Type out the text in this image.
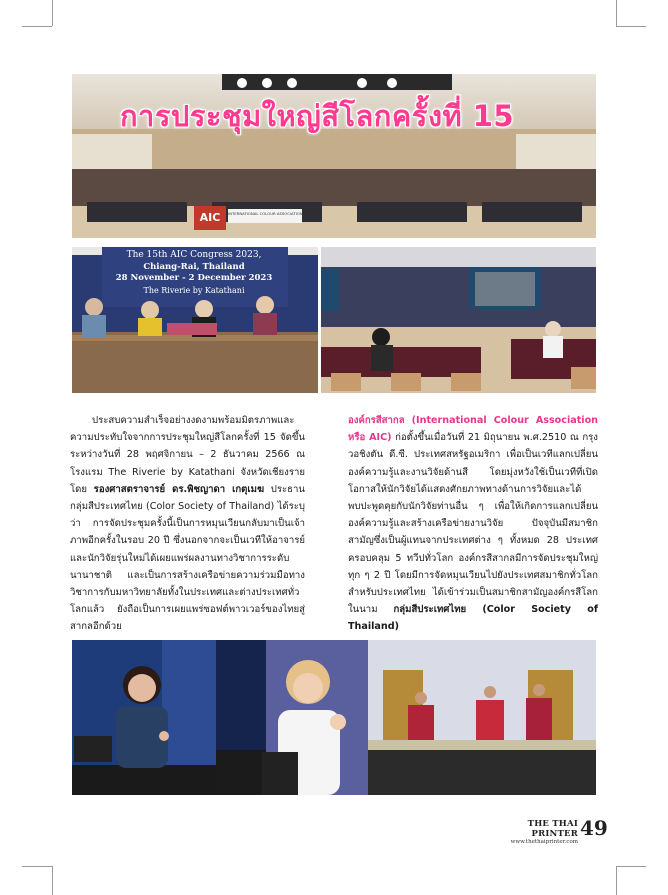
การประชุมใหญ่สีโลกครั้งที่ 15
AIC	INTERNATIONAL COLOUR ASSOCIATION
The 15th AIC Congress 2023,
Chiang-Rai, Thailand
28 November - 2 December 2023
The Riverie by Katathani
ประสบความสำเร็จอย่างงดงามพร้อมมิตรภาพและความประทับใจจากการประชุมใหญ่สีโลกครั้งที่ 15 จัดขึ้นระหว่างวันที่ 28 พฤศจิกายน – 2 ธันวาคม 2566 ณ โรงแรม The Riverie by Katathani จังหวัดเชียงราย โดย รองศาสตราจารย์ ดร.พิชญาดา เกตุเมฆ ประธานกลุ่มสีประเทศไทย (Color Society of Thailand) ได้ระบุว่า การจัดประชุมครั้งนี้เป็นการหมุนเวียนกลับมาเป็นเจ้าภาพอีกครั้งในรอบ 20 ปี ซึ่งนอกจากจะเป็นเวทีให้อาจารย์และนักวิจัยรุ่นใหม่ได้เผยแพร่ผลงานทางวิชาการระดับนานาชาติ และเป็นการสร้างเครือข่ายความร่วมมือทางวิชาการกับมหาวิทยาลัยทั้งในประเทศและต่างประเทศทั่วโลกแล้ว ยังถือเป็นการเผยแพร่ซอฟต์พาวเวอร์ของไทยสู่สากลอีกด้วย
องค์กรสีสากล (International Colour Association หรือ AIC) ก่อตั้งขึ้นเมื่อวันที่ 21 มิถุนายน พ.ศ.2510 ณ กรุงวอชิงตัน ดี.ซี. ประเทศสหรัฐอเมริกา เพื่อเป็นเวทีแลกเปลี่ยนองค์ความรู้และงานวิจัยด้านสี โดยมุ่งหวังใช้เป็นเวทีที่เปิดโอกาสให้นักวิจัยได้แสดงศักยภาพทางด้านการวิจัยและได้พบปะพูดคุยกับนักวิจัยท่านอื่น ๆ เพื่อให้เกิดการแลกเปลี่ยนองค์ความรู้และสร้างเครือข่ายงานวิจัย ปัจจุบันมีสมาชิกสามัญซึ่งเป็นผู้แทนจากประเทศต่าง ๆ ทั้งหมด 28 ประเทศ ครอบคลุม 5 ทวีปทั่วโลก องค์กรสีสากลมีการจัดประชุมใหญ่ทุก ๆ 2 ปี โดยมีการจัดหมุนเวียนไปยังประเทศสมาชิกทั่วโลก สำหรับประเทศไทย ได้เข้าร่วมเป็นสมาชิกสามัญองค์กรสีโลกในนาม กลุ่มสีประเทศไทย (Color Society of Thailand)
THE THAI PRINTER
www.thethaiprinter.com
49
